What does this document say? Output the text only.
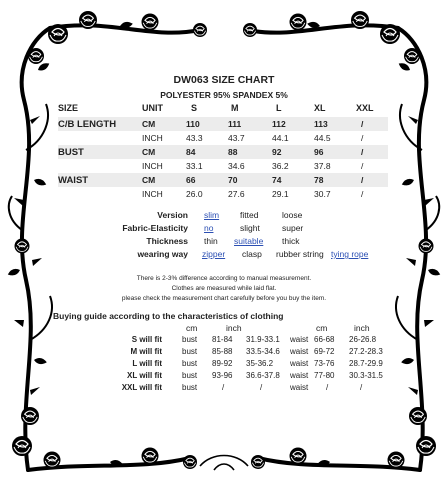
DW063 SIZE CHART
POLYESTER 95% SPANDEX 5%
SIZE	UNIT	S	M	L	XL	XXL
C/B LENGTH	CM	110	111	112	113	/
INCH	43.3	43.7	44.1	44.5	/
BUST	CM	84	88	92	96	/
INCH	33.1	34.6	36.2	37.8	/
WAIST	CM	66	70	74	78	/
INCH	26.0	27.6	29.1	30.7	/
Version slim fitted	loose
Fabric-Elasticity no	slight	super
Thickness thin suitable thick
wearing way zipper clasp rubber string tying rope
There is 2-3% difference according to manual measurement.
Clothes are measured while laid flat.
please check the measurement chart carefully before you buy the item.
Buying guide according to the characteristics of clothing
cm	inch	cm	inch
S will fit	bust 81-84 31.9-33.1 waist 66-68 26-26.8
M will fit	bust 85-88 33.5-34.6 waist 69-72 27.2-28.3
L will fit	bust 89-92 35-36.2 waist 73-76 28.7-29.9
XL will fit	bust 93-96 36.6-37.8 waist 77-80 30.3-31.5
XXL will fit	bust	/	/	waist /	/
